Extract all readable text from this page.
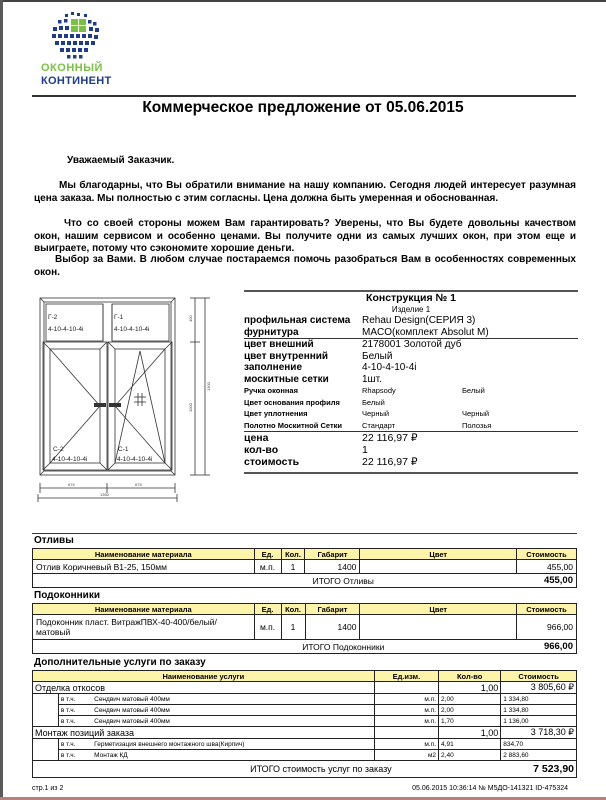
ОКОННЫЙ
КОНТИНЕНТ
Коммерческое предложение от 05.06.2015
Уважаемый Заказчик.

Мы благодарны, что Вы обратили внимание на нашу компанию. Сегодня людей интересует разумная цена заказа. Мы полностью с этим согласны. Цена должна быть умеренная и обоснованная.

Что со своей стороны можем Вам гарантировать? Уверены, что Вы будете довольны качеством окон, нашим сервисом и особенно ценами. Вы получите одни из самых лучших окон, при этом еще и выиграете, потому что сэкономите хорошие деньги.

Выбор за Вами. В любом случае постараемся помочь разобраться Вам в особенностях современных окон.

Г-2
4-10-4-10-4i
Г-1
4-10-4-10-4i
С-2
4-10-4-10-4i
С-1
4-10-4-10-4i
400
1000
1300
675	675
1350
Конструкция № 1
Изделие 1
профильная система	Rehau Design(СЕРИЯ 3)
фурнитура	MACO(комплект Absolut M)
цвет внешний	2178001 Золотой дуб
цвет внутренний	Белый
заполнение	4-10-4-10-4i
москитные сетки	1шт.
Ручка оконная	Rhapsody	Белый
Цвет основания профиля	Белый
Цвет уплотнения	Черный	Черный
Полотно Москитной Сетки	Стандарт	Полозья
цена	22 116,97 ₽
кол-во	1
стоимость	22 116,97 ₽
Отливы
Наименование материала	Ед.	Кол.	Габарит	Цвет	Стоимость
Отлив Коричневый B1-25, 150мм	м.п.	1	1400		455,00
ИТОГО Отливы					455,00
Подоконники
Наименование материала	Ед.	Кол.	Габарит	Цвет	Стоимость
Подоконник пласт. ВитражПВХ-40-400/белый/матовый	м.п.	1	1400		966,00
ИТОГО Подоконники					966,00
Дополнительные услуги по заказу
Наименование услуги			Ед.изм.	Кол-во	Стоимость
Отделка откосов				1,00	3 805,60 ₽
	в т.ч.	Сендвич матовый 400мм	м.п.	2,00	1 334,80
	в т.ч.	Сендвич матовый 400мм	м.п.	2,00	1 334,80
	в т.ч.	Сендвич матовый 400мм	м.п.	1,70	1 136,00
Монтаж позиций заказа				1,00	3 718,30 ₽
	в т.ч.	Герметизация внешнего монтажного шва(Кирпич)	м.п.	4,91	834,70
	в т.ч.	Монтаж КД	м2	2,40	2 883,60
ИТОГО стоимость услуг по заказу					7 523,90
стр.1 из 2	05.06.2015 10:36:14 № М5ДО-141321 ID-475324
